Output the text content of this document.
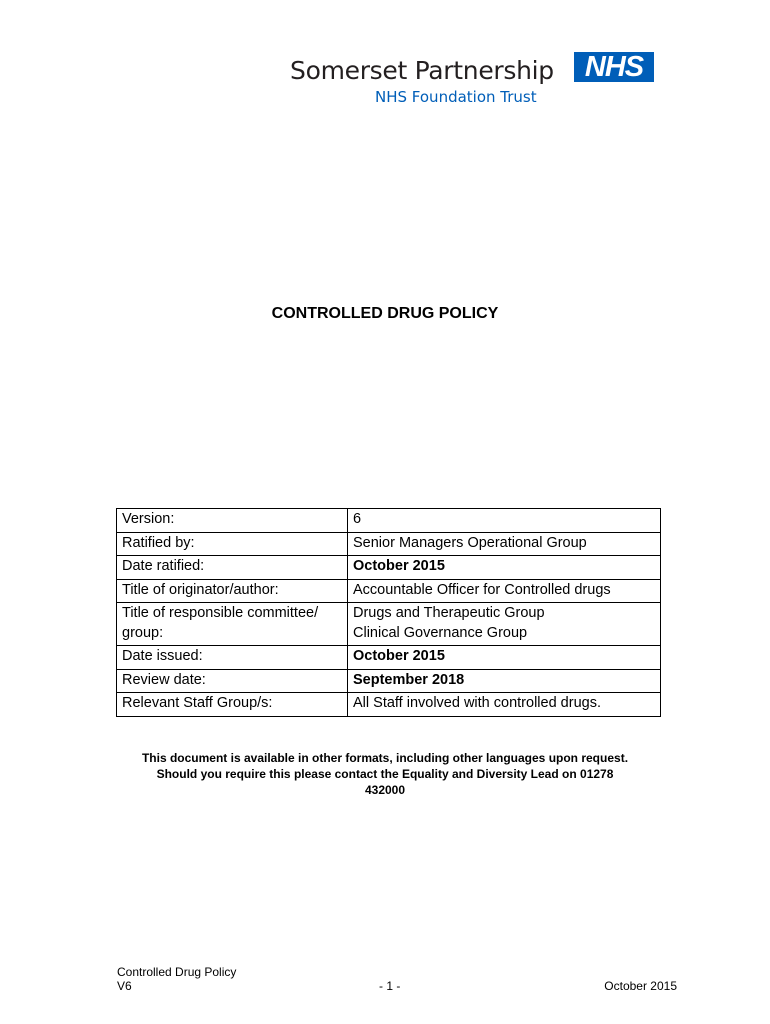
Somerset Partnership	NHS
NHS Foundation Trust
CONTROLLED DRUG POLICY
Version:	6
Ratified by:	Senior Managers Operational Group
Date ratified:	October 2015
Title of originator/author:	Accountable Officer for Controlled drugs
Title of responsible committee/ group:	Drugs and Therapeutic Group
Clinical Governance Group
Date issued:	October 2015
Review date:	September 2018
Relevant Staff Group/s:	All Staff involved with controlled drugs.
This document is available in other formats, including other languages upon request.
Should you require this please contact the Equality and Diversity Lead on 01278
432000
Controlled Drug Policy
V6	- 1 -	October 2015
